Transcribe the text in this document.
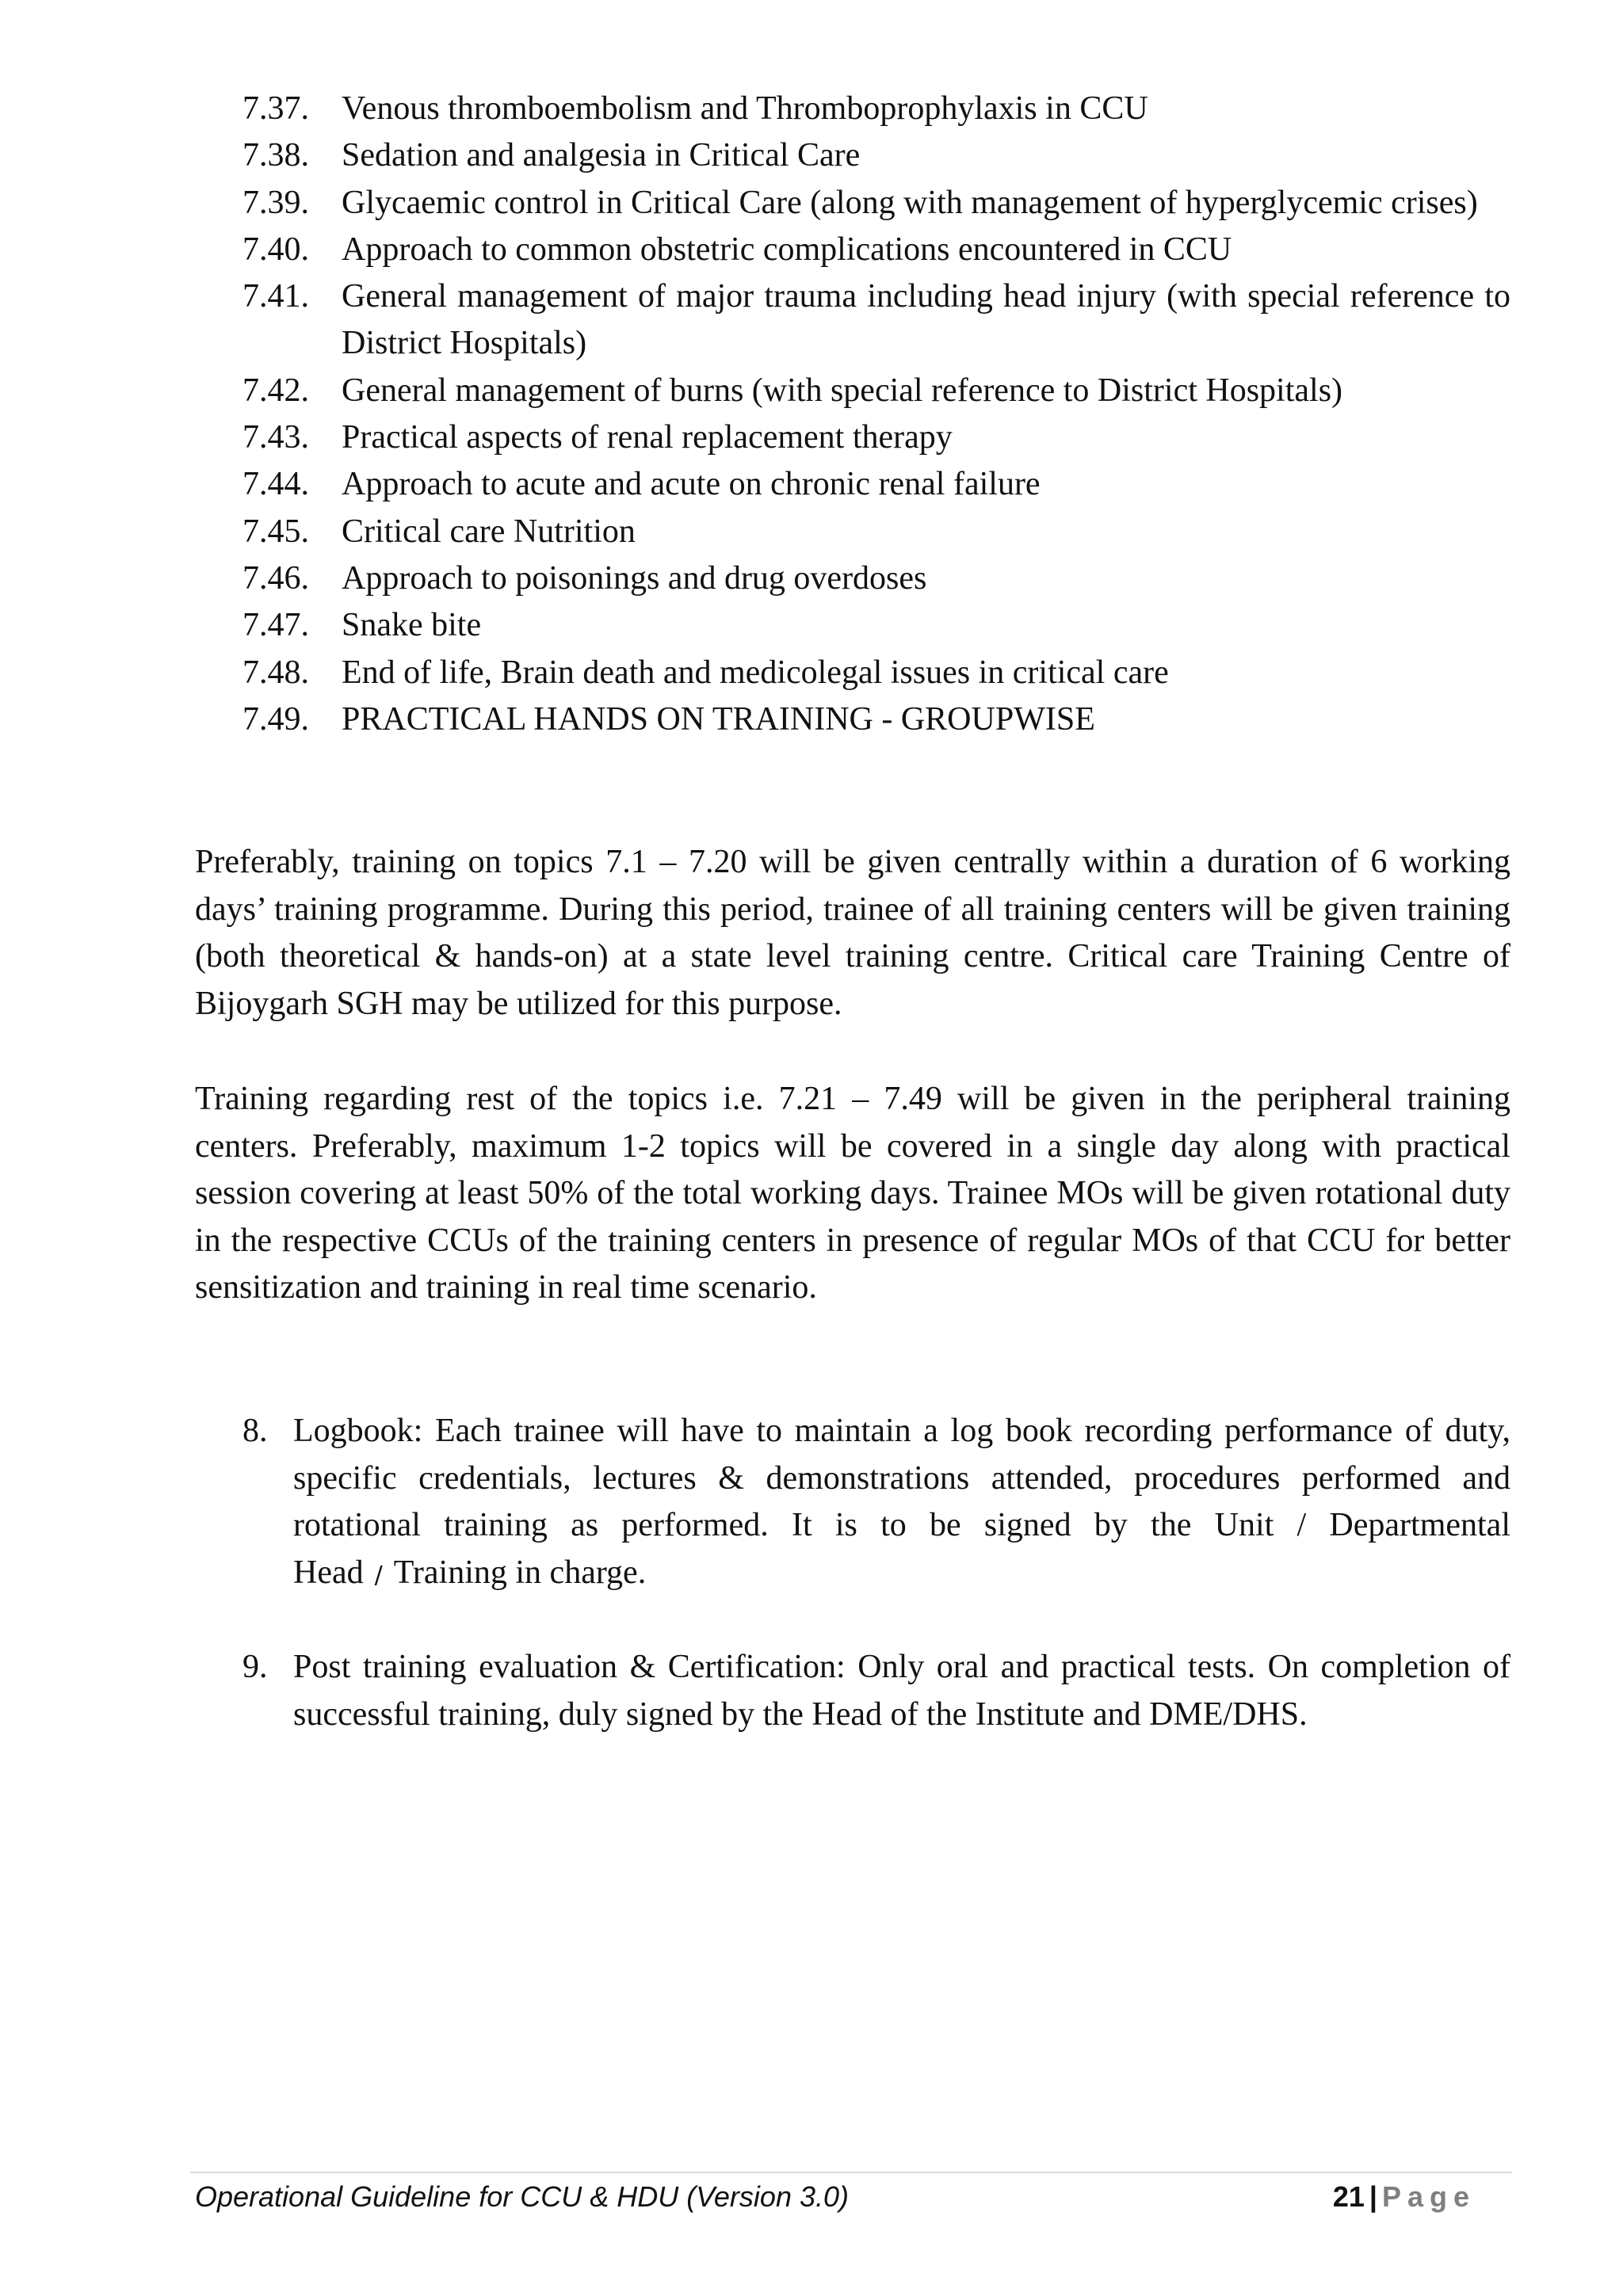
7.37. Venous thromboembolism and Thromboprophylaxis in CCU
7.38. Sedation and analgesia in Critical Care
7.39. Glycaemic control in Critical Care (along with management of hyperglycemic crises)
7.40. Approach to common obstetric complications encountered in CCU
7.41. General management of major trauma including head injury (with special reference to District Hospitals)
7.42. General management of burns (with special reference to District Hospitals)
7.43. Practical aspects of renal replacement therapy
7.44. Approach to acute and acute on chronic renal failure
7.45. Critical care Nutrition
7.46. Approach to poisonings and drug overdoses
7.47. Snake bite
7.48. End of life, Brain death and medicolegal issues in critical care
7.49. PRACTICAL HANDS ON TRAINING - GROUPWISE

Preferably, training on topics 7.1 – 7.20 will be given centrally within a duration of 6 working days’ training programme. During this period, trainee of all training centers will be given training (both theoretical & hands-on) at a state level training centre. Critical care Training Centre of Bijoygarh SGH may be utilized for this purpose.

Training regarding rest of the topics i.e. 7.21 – 7.49 will be given in the peripheral training centers. Preferably, maximum 1-2 topics will be covered in a single day along with practical session covering at least 50% of the total working days. Trainee MOs will be given rotational duty in the respective CCUs of the training centers in presence of regular MOs of that CCU for better sensitization and training in real time scenario.

8. Logbook: Each trainee will have to maintain a log book recording performance of duty, specific credentials, lectures & demonstrations attended, procedures performed and rotational training as performed. It is to be signed by the Unit / Departmental Head / Training in charge.
9. Post training evaluation & Certification: Only oral and practical tests. On completion of successful training, duly signed by the Head of the Institute and DME/DHS.
Operational Guideline for CCU & HDU (Version 3.0)	21 | Page
